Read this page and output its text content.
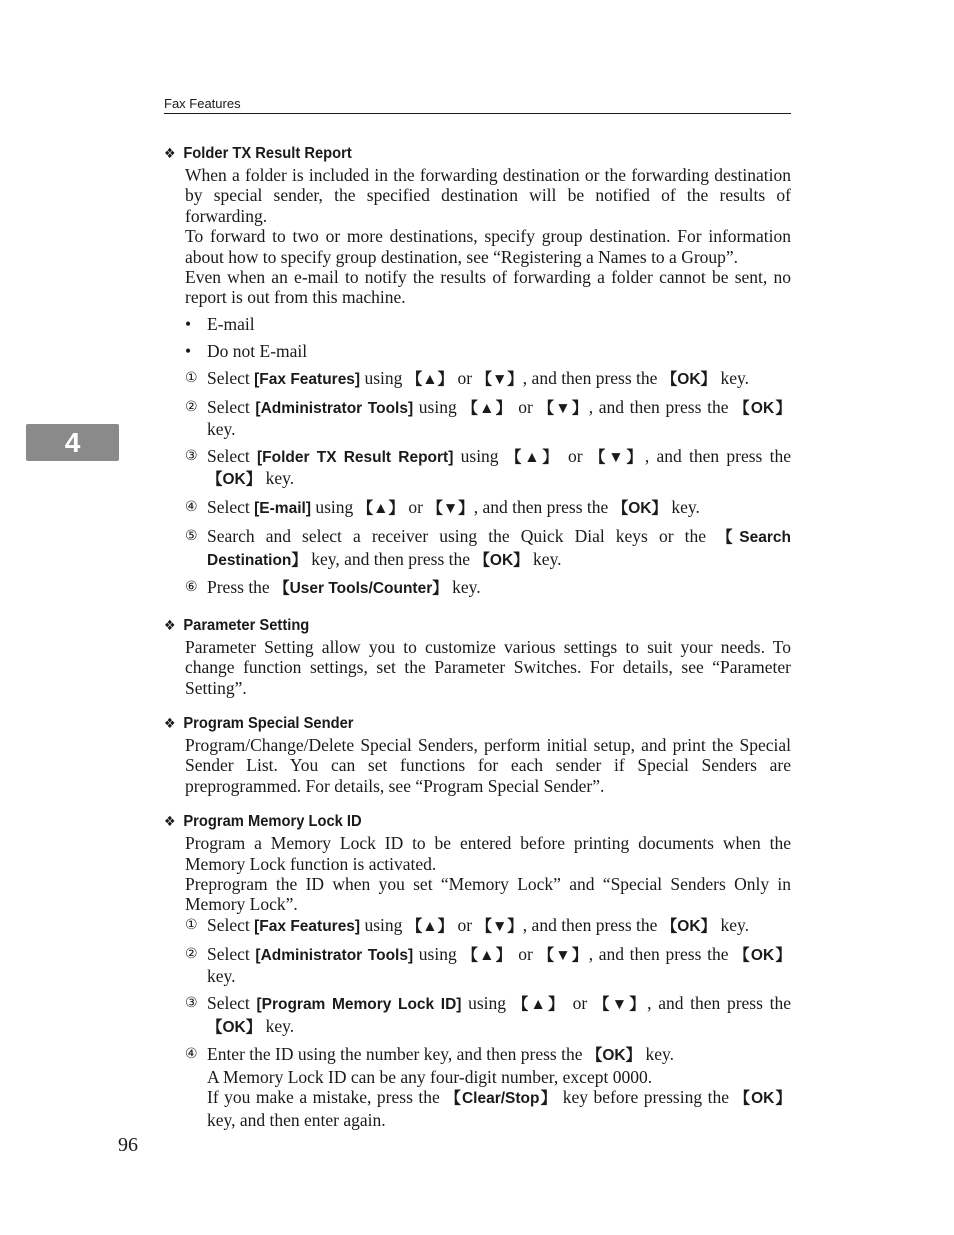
Fax Features
4
❖ Folder TX Result Report
When a folder is included in the forwarding destination or the forwarding destination by special sender, the specified destination will be notified of the results of forwarding.
To forward to two or more destinations, specify group destination. For information about how to specify group destination, see “Registering a Names to a Group”.
Even when an e-mail to notify the results of forwarding a folder cannot be sent, no report is out from this machine.
• E-mail
• Do not E-mail
① Select [Fax Features] using 【▲】 or 【▼】, and then press the 【OK】 key.
② Select [Administrator Tools] using 【▲】 or 【▼】, and then press the 【OK】 key.
③ Select [Folder TX Result Report] using 【▲】 or 【▼】, and then press the 【OK】 key.
④ Select [E-mail] using 【▲】 or 【▼】, and then press the 【OK】 key.
⑤ Search and select a receiver using the Quick Dial keys or the 【Search Destination】 key, and then press the 【OK】 key.
⑥ Press the 【User Tools/Counter】 key.
❖ Parameter Setting
Parameter Setting allow you to customize various settings to suit your needs. To change function settings, set the Parameter Switches. For details, see “Parameter Setting”.
❖ Program Special Sender
Program/Change/Delete Special Senders, perform initial setup, and print the Special Sender List. You can set functions for each sender if Special Senders are preprogrammed. For details, see “Program Special Sender”.
❖ Program Memory Lock ID
Program a Memory Lock ID to be entered before printing documents when the Memory Lock function is activated.
Preprogram the ID when you set “Memory Lock” and “Special Senders Only in Memory Lock”.
① Select [Fax Features] using 【▲】 or 【▼】, and then press the 【OK】 key.
② Select [Administrator Tools] using 【▲】 or 【▼】, and then press the 【OK】 key.
③ Select [Program Memory Lock ID] using 【▲】 or 【▼】, and then press the 【OK】 key.
④ Enter the ID using the number key, and then press the 【OK】 key.
A Memory Lock ID can be any four-digit number, except 0000.
If you make a mistake, press the 【Clear/Stop】 key before pressing the 【OK】 key, and then enter again.
96
